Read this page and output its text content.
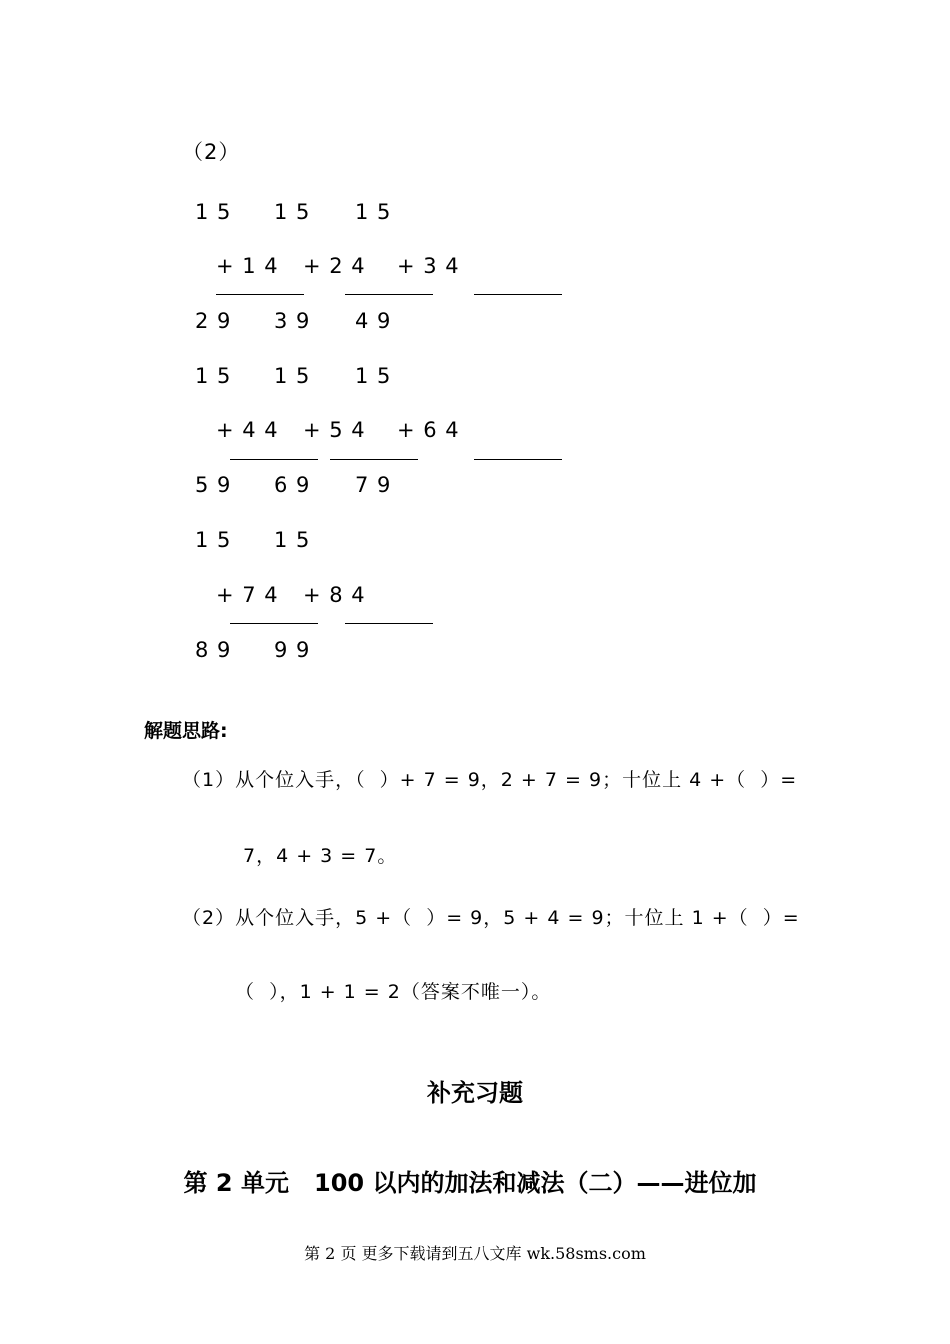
（2）
1 5 1 5 1 5
+ 1 4 + 2 4 + 3 4
2 9 3 9 4 9
1 5 1 5 1 5
+ 4 4 + 5 4 + 6 4
5 9 6 9 7 9
1 5 1 5
+ 7 4 + 8 4
8 9 9 9
解题思路:
（1）从个位入手，（  ）+ 7 = 9，2 + 7 = 9；十位上 4 +（  ）=
7，4 + 3 = 7。
（2）从个位入手，5 +（  ）= 9，5 + 4 = 9；十位上 1 +（  ）=
（  ），1 + 1 = 2（答案不唯一）。
补充习题
第 2 单元   100 以内的加法和减法（二）——进位加
第 2 页 更多下载请到五八文库 wk.58sms.com
